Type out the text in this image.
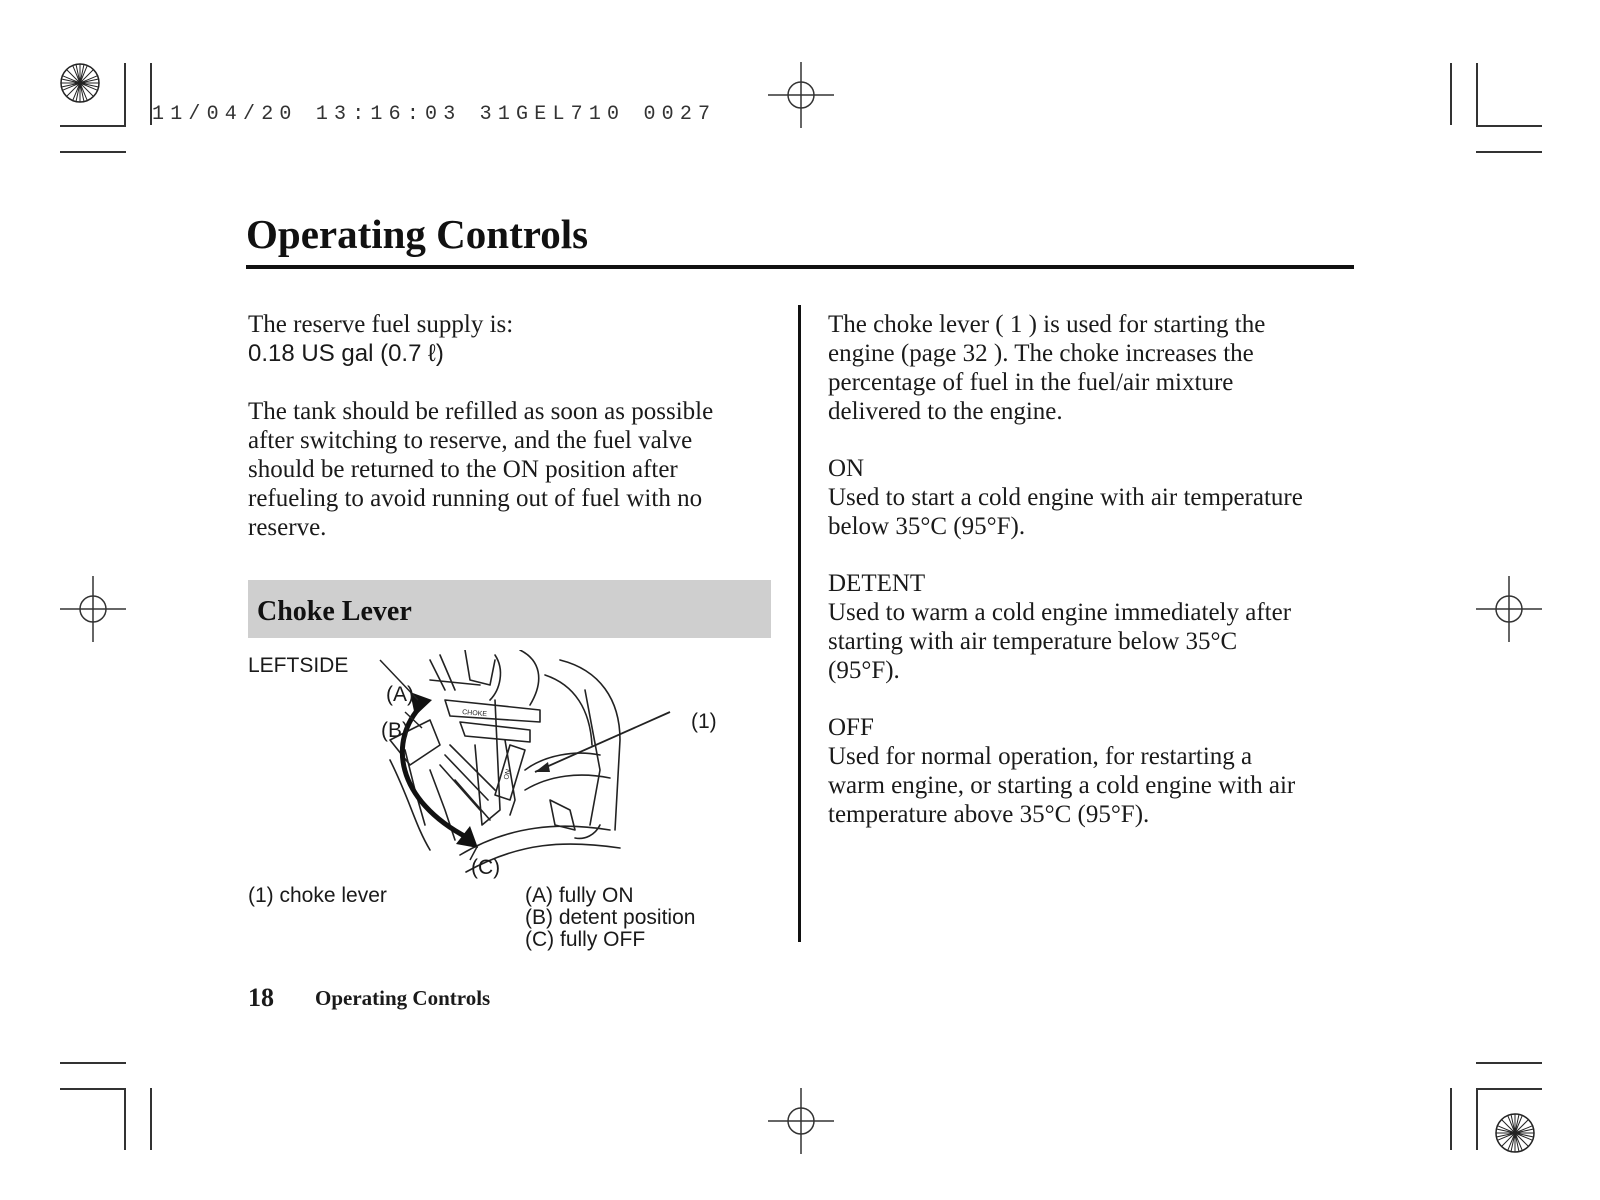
11/04/20 13:16:03 31GEL710 0027
Operating Controls
The reserve fuel supply is:
0.18 US gal (0.7 ℓ)
The tank should be refilled as soon as possible
after switching to reserve, and the fuel valve
should be returned to the ON position after
refueling to avoid running out of fuel with no
reserve.
Choke Lever
LEFTSIDE
CHOKE
ON
(A)
(B)
(C)
(1)
(1) choke lever	(A) fully ON
(B) detent position
(C) fully OFF
The choke lever ( 1 ) is used for starting the
engine (page 32 ). The choke increases the
percentage of fuel in the fuel/air mixture
delivered to the engine.
ON
Used to start a cold engine with air temperature
below 35°C (95°F).
DETENT
Used to warm a cold engine immediately after
starting with air temperature below 35°C
(95°F).
OFF
Used for normal operation, for restarting a
warm engine, or starting a cold engine with air
temperature above 35°C (95°F).
18 Operating Controls
